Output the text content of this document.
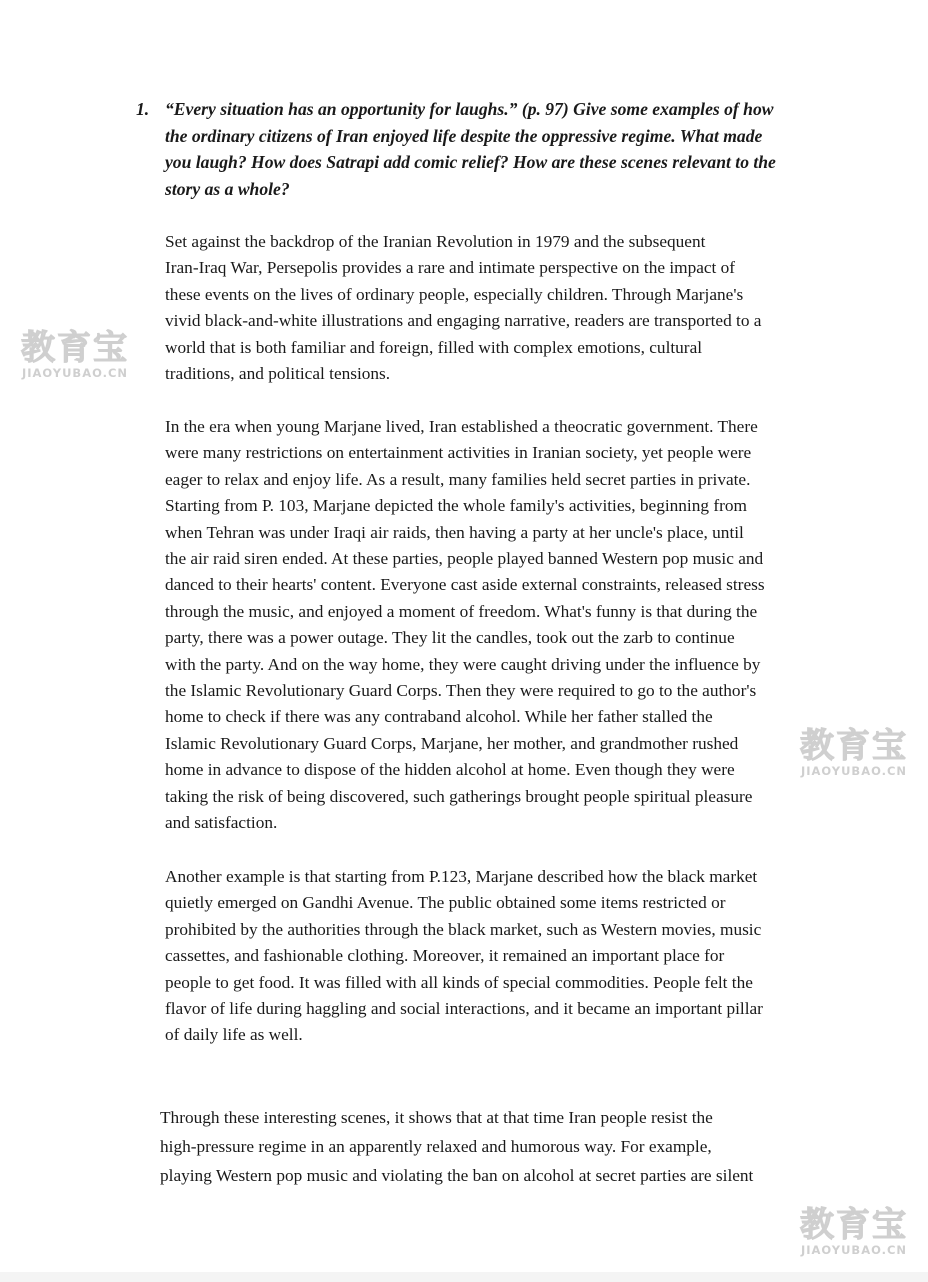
1. “Every situation has an opportunity for laughs.” (p. 97) Give some examples of how
the ordinary citizens of Iran enjoyed life despite the oppressive regime. What made
you laugh? How does Satrapi add comic relief? How are these scenes relevant to the
story as a whole?
Set against the backdrop of the Iranian Revolution in 1979 and the subsequent
Iran-Iraq War, Persepolis provides a rare and intimate perspective on the impact of
these events on the lives of ordinary people, especially children. Through Marjane's
vivid black-and-white illustrations and engaging narrative, readers are transported to a
world that is both familiar and foreign, filled with complex emotions, cultural
traditions, and political tensions.
In the era when young Marjane lived, Iran established a theocratic government. There
were many restrictions on entertainment activities in Iranian society, yet people were
eager to relax and enjoy life. As a result, many families held secret parties in private.
Starting from P. 103, Marjane depicted the whole family's activities, beginning from
when Tehran was under Iraqi air raids, then having a party at her uncle's place, until
the air raid siren ended. At these parties, people played banned Western pop music and
danced to their hearts' content. Everyone cast aside external constraints, released stress
through the music, and enjoyed a moment of freedom. What's funny is that during the
party, there was a power outage. They lit the candles, took out the zarb to continue
with the party. And on the way home, they were caught driving under the influence by
the Islamic Revolutionary Guard Corps. Then they were required to go to the author's
home to check if there was any contraband alcohol. While her father stalled the
Islamic Revolutionary Guard Corps, Marjane, her mother, and grandmother rushed
home in advance to dispose of the hidden alcohol at home. Even though they were
taking the risk of being discovered, such gatherings brought people spiritual pleasure
and satisfaction.
Another example is that starting from P.123, Marjane described how the black market
quietly emerged on Gandhi Avenue. The public obtained some items restricted or
prohibited by the authorities through the black market, such as Western movies, music
cassettes, and fashionable clothing. Moreover, it remained an important place for
people to get food. It was filled with all kinds of special commodities. People felt the
flavor of life during haggling and social interactions, and it became an important pillar
of daily life as well.
Through these interesting scenes, it shows that at that time Iran people resist the
high-pressure regime in an apparently relaxed and humorous way. For example,
playing Western pop music and violating the ban on alcohol at secret parties are silent
教育宝
JIAOYUBAO.CN
教育宝
JIAOYUBAO.CN
教育宝
JIAOYUBAO.CN
